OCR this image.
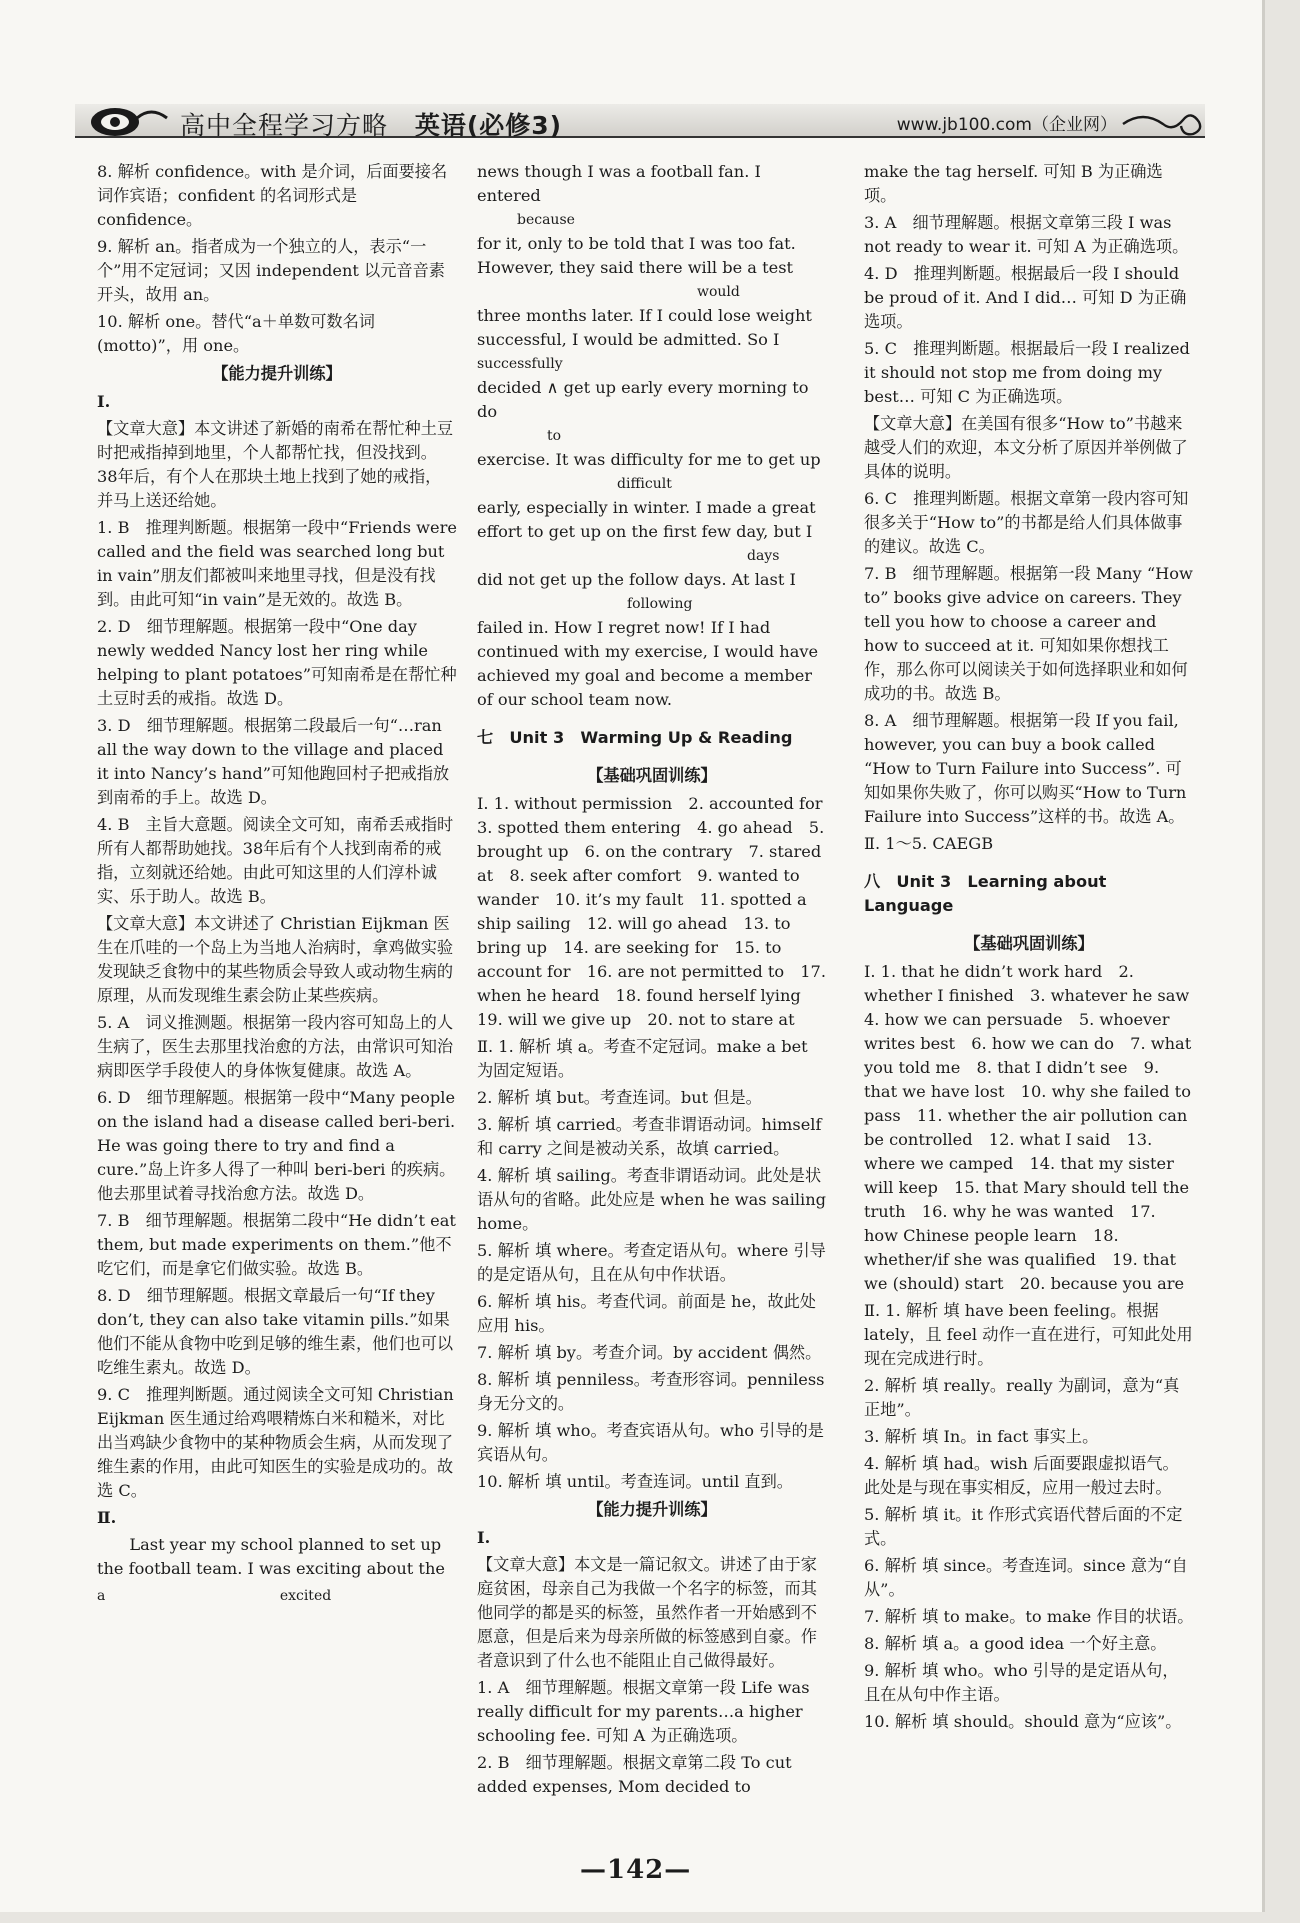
高中全程学习方略 英语(必修3)	www.jb100.com（企业网）
8. 解析 confidence。with 是介词，后面要接名词作宾语；confident 的名词形式是 confidence。
9. 解析 an。指者成为一个独立的人，表示“一个”用不定冠词；又因 independent 以元音音素开头，故用 an。
10. 解析 one。替代“a＋单数可数名词(motto)”，用 one。
【能力提升训练】
Ⅰ.
【文章大意】本文讲述了新婚的南希在帮忙种土豆时把戒指掉到地里，个人都帮忙找，但没找到。38年后，有个人在那块土地上找到了她的戒指，并马上送还给她。
1. B　推理判断题。根据第一段中“Friends were called and the field was searched long but in vain”朋友们都被叫来地里寻找，但是没有找到。由此可知“in vain”是无效的。故选 B。
2. D　细节理解题。根据第一段中“One day newly wedded Nancy lost her ring while helping to plant potatoes”可知南希是在帮忙种土豆时丢的戒指。故选 D。
3. D　细节理解题。根据第二段最后一句“…ran all the way down to the village and placed it into Nancy’s hand”可知他跑回村子把戒指放到南希的手上。故选 D。
4. B　主旨大意题。阅读全文可知，南希丢戒指时所有人都帮助她找。38年后有个人找到南希的戒指，立刻就还给她。由此可知这里的人们淳朴诚实、乐于助人。故选 B。
【文章大意】本文讲述了 Christian Eijkman 医生在爪哇的一个岛上为当地人治病时，拿鸡做实验发现缺乏食物中的某些物质会导致人或动物生病的原理，从而发现维生素会防止某些疾病。
5. A　词义推测题。根据第一段内容可知岛上的人生病了，医生去那里找治愈的方法，由常识可知治病即医学手段使人的身体恢复健康。故选 A。
6. D　细节理解题。根据第一段中“Many people on the island had a disease called beri-beri. He was going there to try and find a cure.”岛上许多人得了一种叫 beri-beri 的疾病。他去那里试着寻找治愈方法。故选 D。
7. B　细节理解题。根据第二段中“He didn’t eat them, but made experiments on them.”他不吃它们，而是拿它们做实验。故选 B。
8. D　细节理解题。根据文章最后一句“If they don’t, they can also take vitamin pills.”如果他们不能从食物中吃到足够的维生素，他们也可以吃维生素丸。故选 D。
9. C　推理判断题。通过阅读全文可知 Christian Eijkman 医生通过给鸡喂精炼白米和糙米，对比出当鸡缺少食物中的某种物质会生病，从而发现了维生素的作用，由此可知医生的实验是成功的。故选 C。
Ⅱ.
Last year my school planned to set up the football team. I was exciting about the
a	excited
news though I was a football fan. I entered
because
for it, only to be told that I was too fat. However, they said there will be a test
would
three months later. If I could lose weight successful, I would be admitted. So I
successfully
decided ∧ get up early every morning to do
to
exercise. It was difficulty for me to get up
difficult
early, especially in winter. I made a great effort to get up on the first few day, but I
days
did not get up the follow days. At last I
following
failed in. How I regret now! If I had continued with my exercise, I would have achieved my goal and become a member of our school team now.
七　Unit 3　Warming Up & Reading
【基础巩固训练】
Ⅰ. 1. without permission　2. accounted for　3. spotted them entering　4. go ahead　5. brought up　6. on the contrary　7. stared at　8. seek after comfort　9. wanted to wander　10. it’s my fault　11. spotted a ship sailing　12. will go ahead　13. to bring up　14. are seeking for　15. to account for　16. are not permitted to　17. when he heard　18. found herself lying　19. will we give up　20. not to stare at
Ⅱ. 1. 解析 填 a。考查不定冠词。make a bet 为固定短语。
2. 解析 填 but。考查连词。but 但是。
3. 解析 填 carried。考查非谓语动词。himself 和 carry 之间是被动关系，故填 carried。
4. 解析 填 sailing。考查非谓语动词。此处是状语从句的省略。此处应是 when he was sailing home。
5. 解析 填 where。考查定语从句。where 引导的是定语从句，且在从句中作状语。
6. 解析 填 his。考查代词。前面是 he，故此处应用 his。
7. 解析 填 by。考查介词。by accident 偶然。
8. 解析 填 penniless。考查形容词。penniless 身无分文的。
9. 解析 填 who。考查宾语从句。who 引导的是宾语从句。
10. 解析 填 until。考查连词。until 直到。
【能力提升训练】
Ⅰ.
【文章大意】本文是一篇记叙文。讲述了由于家庭贫困，母亲自己为我做一个名字的标签，而其他同学的都是买的标签，虽然作者一开始感到不愿意，但是后来为母亲所做的标签感到自豪。作者意识到了什么也不能阻止自己做得最好。
1. A　细节理解题。根据文章第一段 Life was really difficult for my parents…a higher schooling fee. 可知 A 为正确选项。
2. B　细节理解题。根据文章第二段 To cut added expenses, Mom decided to
make the tag herself. 可知 B 为正确选项。
3. A　细节理解题。根据文章第三段 I was not ready to wear it. 可知 A 为正确选项。
4. D　推理判断题。根据最后一段 I should be proud of it. And I did… 可知 D 为正确选项。
5. C　推理判断题。根据最后一段 I realized it should not stop me from doing my best… 可知 C 为正确选项。
【文章大意】在美国有很多“How to”书越来越受人们的欢迎，本文分析了原因并举例做了具体的说明。
6. C　推理判断题。根据文章第一段内容可知很多关于“How to”的书都是给人们具体做事的建议。故选 C。
7. B　细节理解题。根据第一段 Many “How to” books give advice on careers. They tell you how to choose a career and how to succeed at it. 可知如果你想找工作，那么你可以阅读关于如何选择职业和如何成功的书。故选 B。
8. A　细节理解题。根据第一段 If you fail, however, you can buy a book called “How to Turn Failure into Success”. 可知如果你失败了，你可以购买“How to Turn Failure into Success”这样的书。故选 A。
Ⅱ. 1～5. CAEGB
八　Unit 3　Learning about Language
【基础巩固训练】
Ⅰ. 1. that he didn’t work hard　2. whether I finished　3. whatever he saw　4. how we can persuade　5. whoever writes best　6. how we can do　7. what you told me　8. that I didn’t see　9. that we have lost　10. why she failed to pass　11. whether the air pollution can be controlled　12. what I said　13. where we camped　14. that my sister will keep　15. that Mary should tell the truth　16. why he was wanted　17. how Chinese people learn　18. whether/if she was qualified　19. that we (should) start　20. because you are
Ⅱ. 1. 解析 填 have been feeling。根据 lately，且 feel 动作一直在进行，可知此处用现在完成进行时。
2. 解析 填 really。really 为副词，意为“真正地”。
3. 解析 填 In。in fact 事实上。
4. 解析 填 had。wish 后面要跟虚拟语气。此处是与现在事实相反，应用一般过去时。
5. 解析 填 it。it 作形式宾语代替后面的不定式。
6. 解析 填 since。考查连词。since 意为“自从”。
7. 解析 填 to make。to make 作目的状语。
8. 解析 填 a。a good idea 一个好主意。
9. 解析 填 who。who 引导的是定语从句，且在从句中作主语。
10. 解析 填 should。should 意为“应该”。
—142—
